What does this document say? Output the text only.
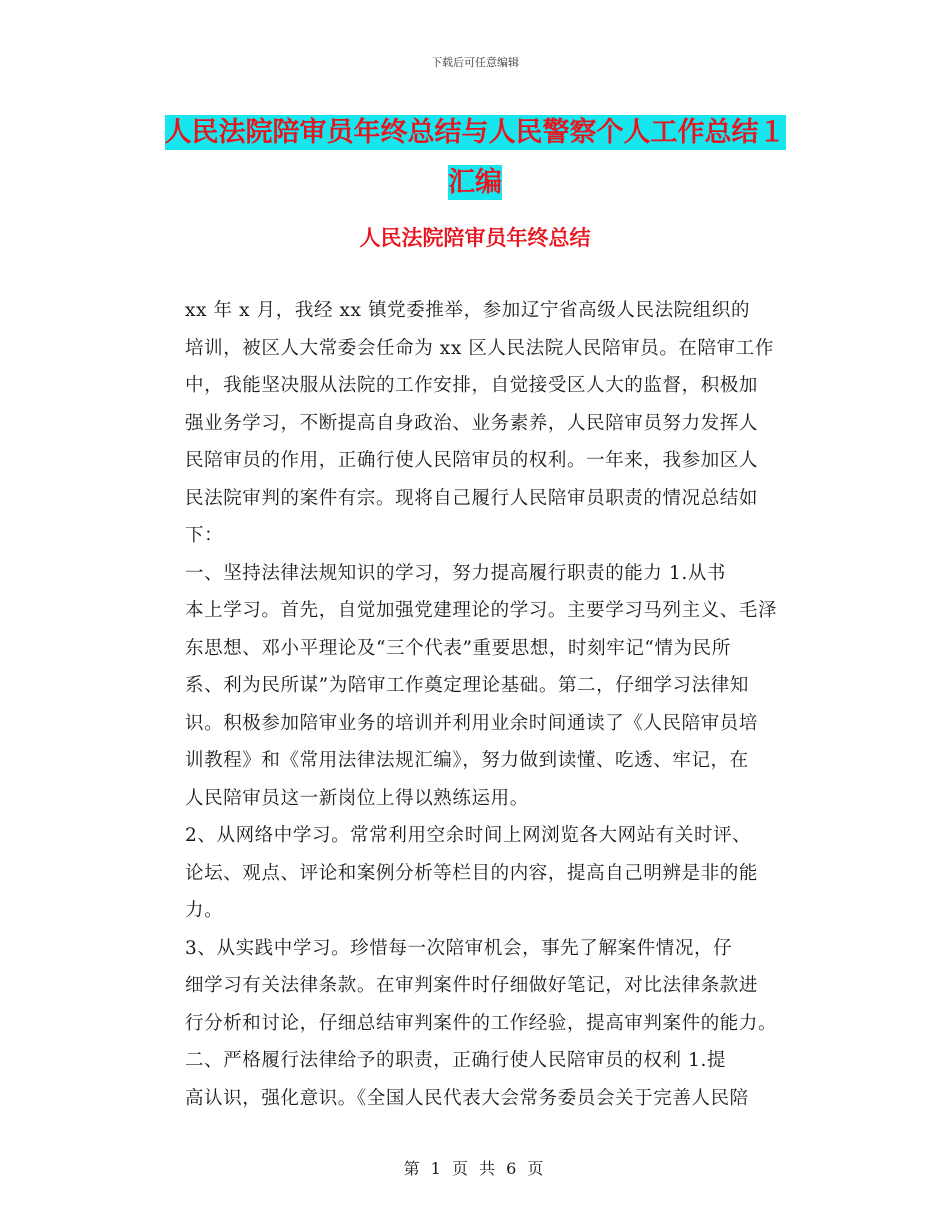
下载后可任意编辑
人民法院陪审员年终总结与人民警察个人工作总结１
汇编
人民法院陪审员年终总结

xx 年 x 月，我经 xx 镇党委推举，参加辽宁省高级人民法院组织的
培训，被区人大常委会任命为 xx 区人民法院人民陪审员。在陪审工作
中，我能坚决服从法院的工作安排，自觉接受区人大的监督，积极加
强业务学习，不断提高自身政治、业务素养，人民陪审员努力发挥人
民陪审员的作用，正确行使人民陪审员的权利。一年来，我参加区人
民法院审判的案件有宗。现将自己履行人民陪审员职责的情况总结如
下：

一、坚持法律法规知识的学习，努力提高履行职责的能力 1.从书
本上学习。首先，自觉加强党建理论的学习。主要学习马列主义、毛泽
东思想、邓小平理论及“三个代表”重要思想，时刻牢记“情为民所
系、利为民所谋”为陪审工作奠定理论基础。第二，仔细学习法律知
识。积极参加陪审业务的培训并利用业余时间通读了《人民陪审员培
训教程》和《常用法律法规汇编》，努力做到读懂、吃透、牢记，在
人民陪审员这一新岗位上得以熟练运用。

2、从网络中学习。常常利用空余时间上网浏览各大网站有关时评、
论坛、观点、评论和案例分析等栏目的内容，提高自己明辨是非的能
力。

3、从实践中学习。珍惜每一次陪审机会，事先了解案件情况，仔
细学习有关法律条款。在审判案件时仔细做好笔记，对比法律条款进
行分析和讨论，仔细总结审判案件的工作经验，提高审判案件的能力。

二、严格履行法律给予的职责，正确行使人民陪审员的权利 1.提
高认识，强化意识。《全国人民代表大会常务委员会关于完善人民陪

第 1 页 共 6 页
